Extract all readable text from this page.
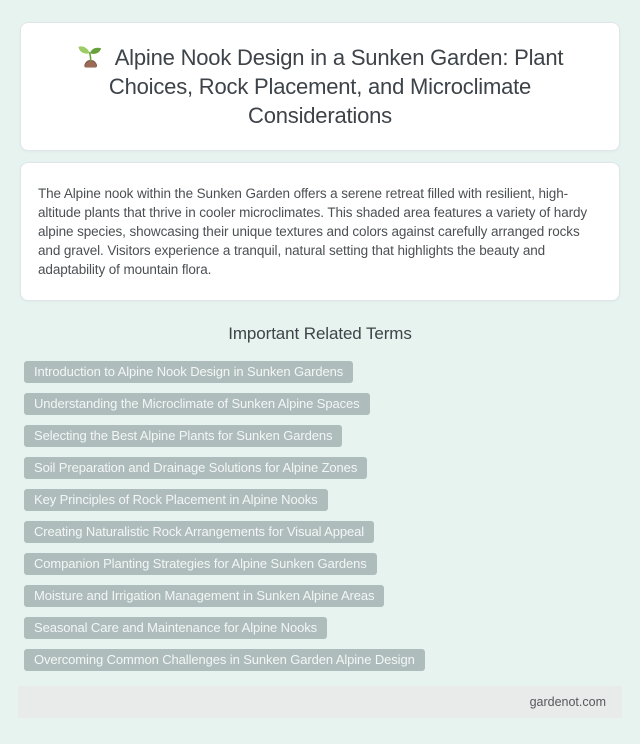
Alpine Nook Design in a Sunken Garden: Plant Choices, Rock Placement, and Microclimate Considerations

The Alpine nook within the Sunken Garden offers a serene retreat filled with resilient, high-altitude plants that thrive in cooler microclimates. This shaded area features a variety of hardy alpine species, showcasing their unique textures and colors against carefully arranged rocks and gravel. Visitors experience a tranquil, natural setting that highlights the beauty and adaptability of mountain flora.

Important Related Terms
Introduction to Alpine Nook Design in Sunken Gardens
Understanding the Microclimate of Sunken Alpine Spaces
Selecting the Best Alpine Plants for Sunken Gardens
Soil Preparation and Drainage Solutions for Alpine Zones
Key Principles of Rock Placement in Alpine Nooks
Creating Naturalistic Rock Arrangements for Visual Appeal
Companion Planting Strategies for Alpine Sunken Gardens
Moisture and Irrigation Management in Sunken Alpine Areas
Seasonal Care and Maintenance for Alpine Nooks
Overcoming Common Challenges in Sunken Garden Alpine Design
gardenot.com
